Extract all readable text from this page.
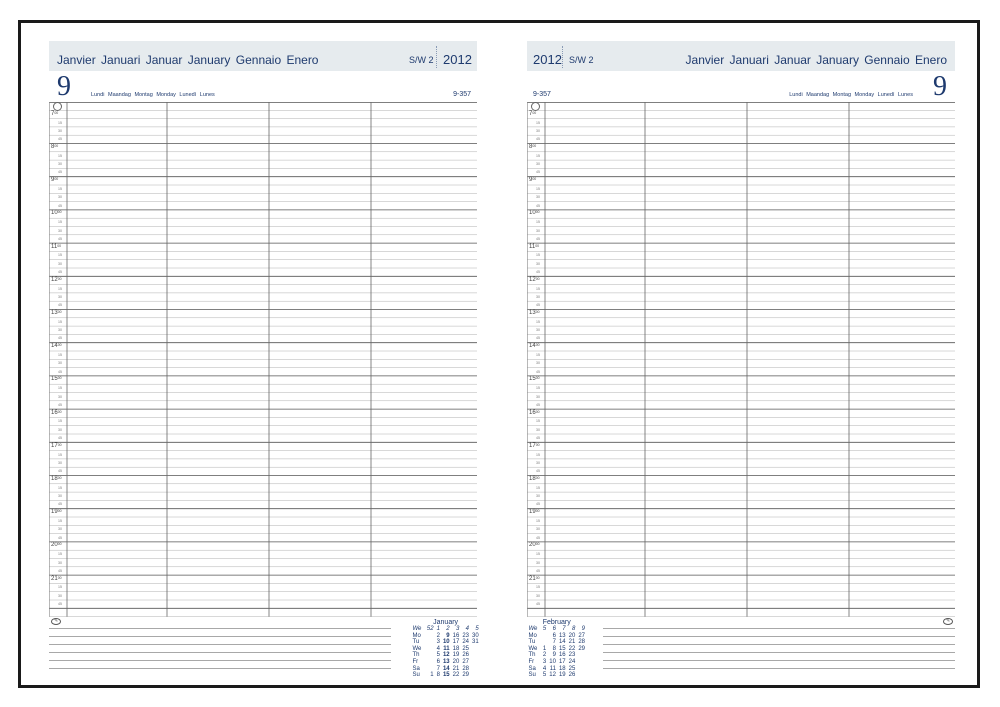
Janvier Januari Januar January Gennaio Enero	S/W 2 2012
9	Lundi Maandag Montag Monday Lunedì Lunes	9-357
$7^{00}$
15
30
45
$8^{00}$
15
30
45
$9^{00}$
15
30
45
$10^{00}$
15
30
45
$11^{00}$
15
30
45
$12^{00}$
15
30
45
$13^{00}$
15
30
45
$14^{00}$
15
30
45
$15^{00}$
15
30
45
$16^{00}$
15
30
45
$17^{00}$
15
30
45
$18^{00}$
15
30
45
$19^{00}$
15
30
45
$20^{00}$
15
30
45
$21^{00}$
15
30
45
✎	January
We	52	1	2	3	4	5
Mo		2	9	16	23	30
Tu		3	10	17	24	31
We		4	11	18	25	
Th		5	12	19	26	
Fr		6	13	20	27	
Sa		7	14	21	28	
Su	1	8	15	22	29	
2012 S/W 2	Janvier Januari Januar January Gennaio Enero
9-357	Lundi Maandag Montag Monday Lunedì Lunes 9
$7^{00}$
15
30
45
$8^{00}$
15
30
45
$9^{00}$
15
30
45
$10^{00}$
15
30
45
$11^{00}$
15
30
45
$12^{00}$
15
30
45
$13^{00}$
15
30
45
$14^{00}$
15
30
45
$15^{00}$
15
30
45
$16^{00}$
15
30
45
$17^{00}$
15
30
45
$18^{00}$
15
30
45
$19^{00}$
15
30
45
$20^{00}$
15
30
45
$21^{00}$
15
30
45
✎
February
We	5	6	7	8	9
Mo		6	13	20	27
Tu		7	14	21	28
We	1	8	15	22	29
Th	2	9	16	23	
Fr	3	10	17	24	
Sa	4	11	18	25	
Su	5	12	19	26	
